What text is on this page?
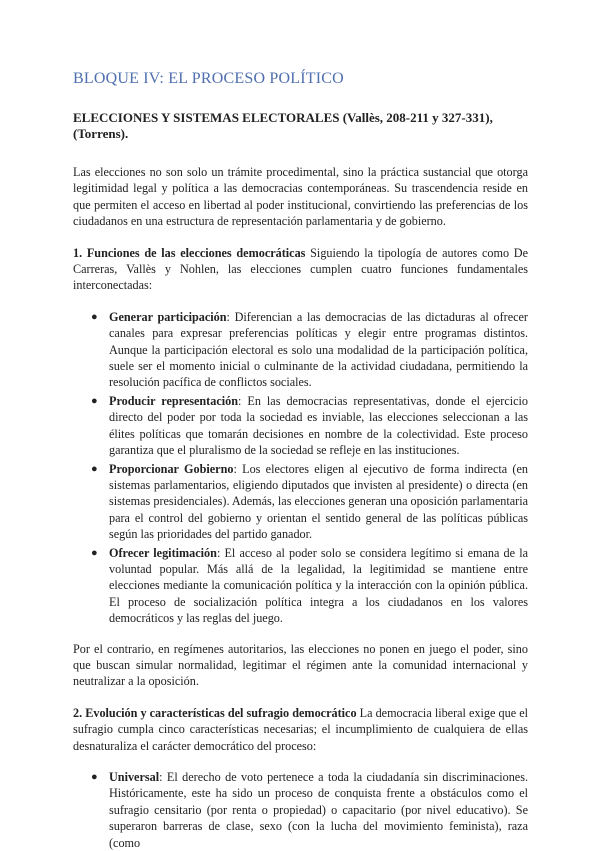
BLOQUE IV: EL PROCESO POLÍTICO
ELECCIONES Y SISTEMAS ELECTORALES (Vallès, 208-211 y 327-331), (Torrens).

Las elecciones no son solo un trámite procedimental, sino la práctica sustancial que otorga legitimidad legal y política a las democracias contemporáneas. Su trascendencia reside en que permiten el acceso en libertad al poder institucional, convirtiendo las preferencias de los ciudadanos en una estructura de representación parlamentaria y de gobierno.

1. Funciones de las elecciones democráticas Siguiendo la tipología de autores como De Carreras, Vallès y Nohlen, las elecciones cumplen cuatro funciones fundamentales interconectadas:

● Generar participación: Diferencian a las democracias de las dictaduras al ofrecer canales para expresar preferencias políticas y elegir entre programas distintos. Aunque la participación electoral es solo una modalidad de la participación política, suele ser el momento inicial o culminante de la actividad ciudadana, permitiendo la resolución pacífica de conflictos sociales.
● Producir representación: En las democracias representativas, donde el ejercicio directo del poder por toda la sociedad es inviable, las elecciones seleccionan a las élites políticas que tomarán decisiones en nombre de la colectividad. Este proceso garantiza que el pluralismo de la sociedad se refleje en las instituciones.
● Proporcionar Gobierno: Los electores eligen al ejecutivo de forma indirecta (en sistemas parlamentarios, eligiendo diputados que invisten al presidente) o directa (en sistemas presidenciales). Además, las elecciones generan una oposición parlamentaria para el control del gobierno y orientan el sentido general de las políticas públicas según las prioridades del partido ganador.
● Ofrecer legitimación: El acceso al poder solo se considera legítimo si emana de la voluntad popular. Más allá de la legalidad, la legitimidad se mantiene entre elecciones mediante la comunicación política y la interacción con la opinión pública. El proceso de socialización política integra a los ciudadanos en los valores democráticos y las reglas del juego.

Por el contrario, en regímenes autoritarios, las elecciones no ponen en juego el poder, sino que buscan simular normalidad, legitimar el régimen ante la comunidad internacional y neutralizar a la oposición.

2. Evolución y características del sufragio democrático La democracia liberal exige que el sufragio cumpla cinco características necesarias; el incumplimiento de cualquiera de ellas desnaturaliza el carácter democrático del proceso:

● Universal: El derecho de voto pertenece a toda la ciudadanía sin discriminaciones. Históricamente, este ha sido un proceso de conquista frente a obstáculos como el sufragio censitario (por renta o propiedad) o capacitario (por nivel educativo). Se superaron barreras de clase, sexo (con la lucha del movimiento feminista), raza (como
